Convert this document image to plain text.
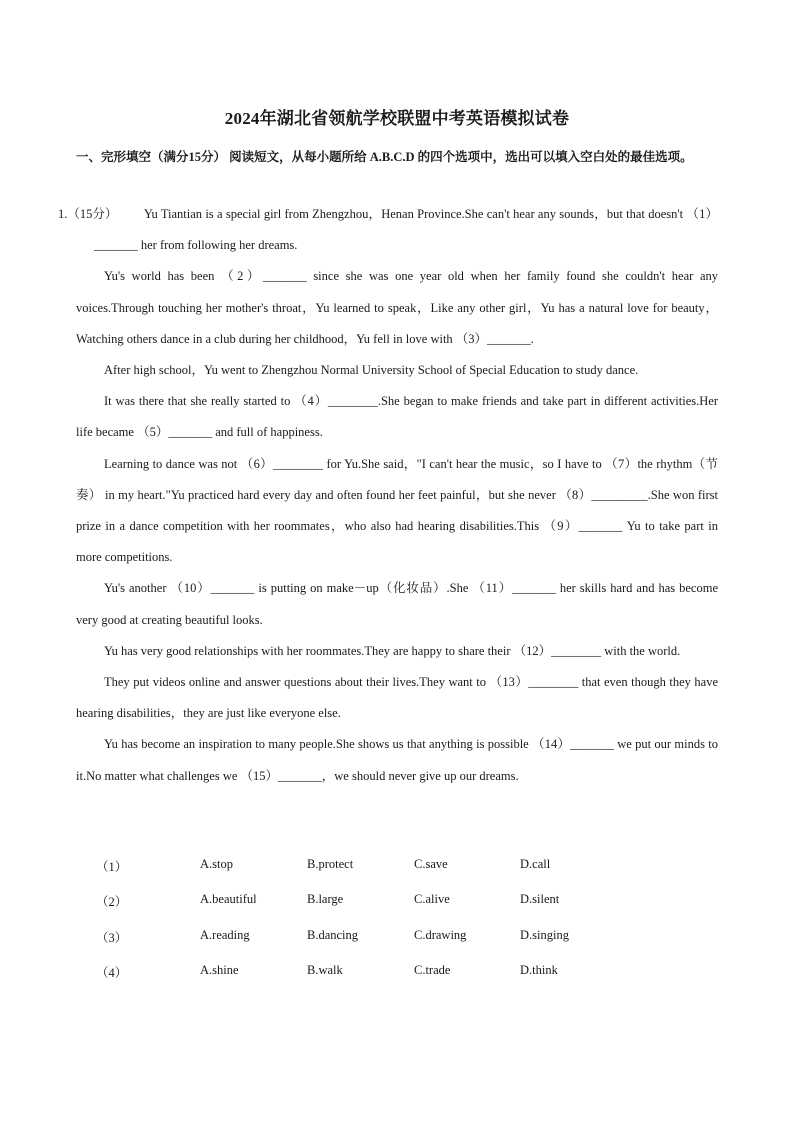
2024年湖北省领航学校联盟中考英语模拟试卷
一、完形填空（满分15分） 阅读短文，从每小题所给 A.B.C.D 的四个选项中，选出可以填入空白处的最佳选项。

1.（15分） Yu Tiantian is a special girl from Zhengzhou，Henan Province.She can't hear any sounds，but that doesn't （1）_______ her from following her dreams.

Yu's world has been （2）_______ since she was one year old when her family found she couldn't hear any voices.Through touching her mother's throat，Yu learned to speak，Like any other girl，Yu has a natural love for beauty，Watching others dance in a club during her childhood，Yu fell in love with （3）_______.

After high school，Yu went to Zhengzhou Normal University School of Special Education to study dance.

It was there that she really started to （4）________.She began to make friends and take part in different activities.Her life became （5）_______ and full of happiness.

Learning to dance was not （6）________ for Yu.She said，"I can't hear the music，so I have to （7）the rhythm（节奏） in my heart."Yu practiced hard every day and often found her feet painful，but she never （8）_________.She won first prize in a dance competition with her roommates，who also had hearing disabilities.This （9）_______ Yu to take part in more competitions.

Yu's another （10）_______ is putting on make－up（化妆品）.She （11）_______ her skills hard and has become very good at creating beautiful looks.

Yu has very good relationships with her roommates.They are happy to share their （12）________ with the world.

They put videos online and answer questions about their lives.They want to （13）________ that even though they have hearing disabilities，they are just like everyone else.

Yu has become an inspiration to many people.She shows us that anything is possible （14）_______ we put our minds to it.No matter what challenges we （15）_______，we should never give up our dreams.

（1）	A.stop	B.protect	C.save	D.call
（2）	A.beautiful	B.large	C.alive	D.silent
（3）	A.reading	B.dancing	C.drawing	D.singing
（4）	A.shine	B.walk	C.trade	D.think
